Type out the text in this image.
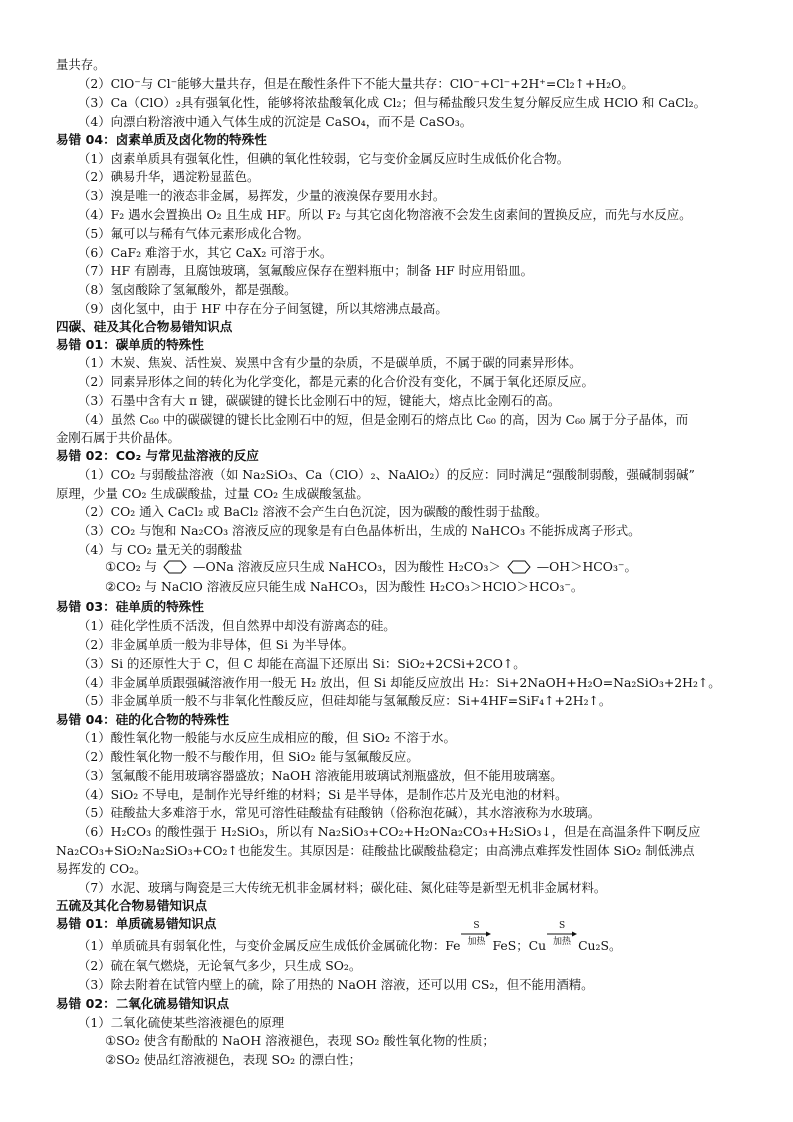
量共存。
（2）ClO⁻与 Cl⁻能够大量共存，但是在酸性条件下不能大量共存：ClO⁻+Cl⁻+2H⁺=Cl₂↑+H₂O。
（3）Ca（ClO）₂具有强氧化性，能够将浓盐酸氧化成 Cl₂；但与稀盐酸只发生复分解反应生成 HClO 和 CaCl₂。
（4）向漂白粉溶液中通入气体生成的沉淀是 CaSO₄，而不是 CaSO₃。
易错 04：卤素单质及卤化物的特殊性
（1）卤素单质具有强氧化性，但碘的氧化性较弱，它与变价金属反应时生成低价化合物。
（2）碘易升华，遇淀粉显蓝色。
（3）溴是唯一的液态非金属，易挥发，少量的液溴保存要用水封。
（4）F₂ 遇水会置换出 O₂ 且生成 HF。所以 F₂ 与其它卤化物溶液不会发生卤素间的置换反应，而先与水反应。
（5）氟可以与稀有气体元素形成化合物。
（6）CaF₂ 难溶于水，其它 CaX₂ 可溶于水。
（7）HF 有剧毒，且腐蚀玻璃，氢氟酸应保存在塑料瓶中；制备 HF 时应用铅皿。
（8）氢卤酸除了氢氟酸外，都是强酸。
（9）卤化氢中，由于 HF 中存在分子间氢键，所以其熔沸点最高。
四碳、硅及其化合物易错知识点
易错 01：碳单质的特殊性
（1）木炭、焦炭、活性炭、炭黑中含有少量的杂质，不是碳单质，不属于碳的同素异形体。
（2）同素异形体之间的转化为化学变化，都是元素的化合价没有变化，不属于氧化还原反应。
（3）石墨中含有大 π 键，碳碳键的键长比金刚石中的短，键能大，熔点比金刚石的高。
（4）虽然 C₆₀ 中的碳碳键的键长比金刚石中的短，但是金刚石的熔点比 C₆₀ 的高，因为 C₆₀ 属于分子晶体，而
金刚石属于共价晶体。
易错 02：CO₂ 与常见盐溶液的反应
（1）CO₂ 与弱酸盐溶液（如 Na₂SiO₃、Ca（ClO）₂、NaAlO₂）的反应：同时满足“强酸制弱酸，强碱制弱碱”
原理，少量 CO₂ 生成碳酸盐，过量 CO₂ 生成碳酸氢盐。
（2）CO₂ 通入 CaCl₂ 或 BaCl₂ 溶液不会产生白色沉淀，因为碳酸的酸性弱于盐酸。
（3）CO₂ 与饱和 Na₂CO₃ 溶液反应的现象是有白色晶体析出，生成的 NaHCO₃ 不能拆成离子形式。
（4）与 CO₂ 量无关的弱酸盐
易错 03：硅单质的特殊性
（1）硅化学性质不活泼，但自然界中却没有游离态的硅。
（2）非金属单质一般为非导体，但 Si 为半导体。
（3）Si 的还原性大于 C，但 C 却能在高温下还原出 Si：SiO₂+2CSi+2CO↑。
（4）非金属单质跟强碱溶液作用一般无 H₂ 放出，但 Si 却能反应放出 H₂：Si+2NaOH+H₂O=Na₂SiO₃+2H₂↑。
（5）非金属单质一般不与非氧化性酸反应，但硅却能与氢氟酸反应：Si+4HF=SiF₄↑+2H₂↑。
易错 04：硅的化合物的特殊性
（1）酸性氧化物一般能与水反应生成相应的酸，但 SiO₂ 不溶于水。
（2）酸性氧化物一般不与酸作用，但 SiO₂ 能与氢氟酸反应。
（3）氢氟酸不能用玻璃容器盛放；NaOH 溶液能用玻璃试剂瓶盛放，但不能用玻璃塞。
（4）SiO₂ 不导电，是制作光导纤维的材料；Si 是半导体，是制作芯片及光电池的材料。
（5）硅酸盐大多难溶于水，常见可溶性硅酸盐有硅酸钠（俗称泡花碱），其水溶液称为水玻璃。
（6）H₂CO₃ 的酸性强于 H₂SiO₃，所以有 Na₂SiO₃+CO₂+H₂ONa₂CO₃+H₂SiO₃↓，但是在高温条件下啊反应
Na₂CO₃+SiO₂Na₂SiO₃+CO₂↑也能发生。其原因是：硅酸盐比碳酸盐稳定；由高沸点难挥发性固体 SiO₂ 制低沸点
易挥发的 CO₂。
（7）水泥、玻璃与陶瓷是三大传统无机非金属材料；碳化硅、氮化硅等是新型无机非金属材料。
五硫及其化合物易错知识点
易错 01：单质硫易错知识点
（2）硫在氧气燃烧，无论氧气多少，只生成 SO₂。
（3）除去附着在试管内壁上的硫，除了用热的 NaOH 溶液，还可以用 CS₂，但不能用酒精。
易错 02：二氧化硫易错知识点
（1）二氧化硫使某些溶液褪色的原理
①SO₂ 使含有酚酞的 NaOH 溶液褪色，表现 SO₂ 酸性氧化物的性质；
②SO₂ 使品红溶液褪色，表现 SO₂ 的漂白性；
①CO₂ 与	—ONa 溶液反应只生成 NaHCO₃，因为酸性 H₂CO₃＞	—OH＞HCO₃⁻。
②CO₂ 与 NaClO 溶液反应只能生成 NaHCO₃，因为酸性 H₂CO₃＞HClO＞HCO₃⁻。
（1）单质硫具有弱氧化性，与变价金属反应生成低价金属硫化物：Fe
S
加热 FeS；Cu
S
加热 Cu₂S。
